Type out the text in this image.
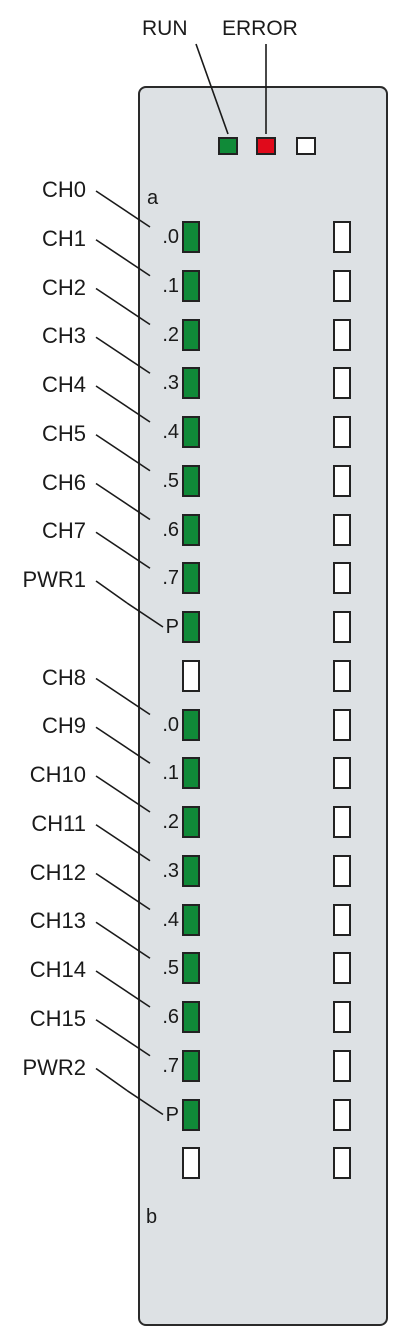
RUN ERROR
a
b
.0
CH0
.1
CH1
.2
CH2
.3
CH3
.4
CH4
.5
CH5
.6
CH6
.7
CH7
P
PWR1
.0
CH8
.1
CH9
.2
CH10
.3
CH11
.4
CH12
.5
CH13
.6
CH14
.7
CH15
P
PWR2
